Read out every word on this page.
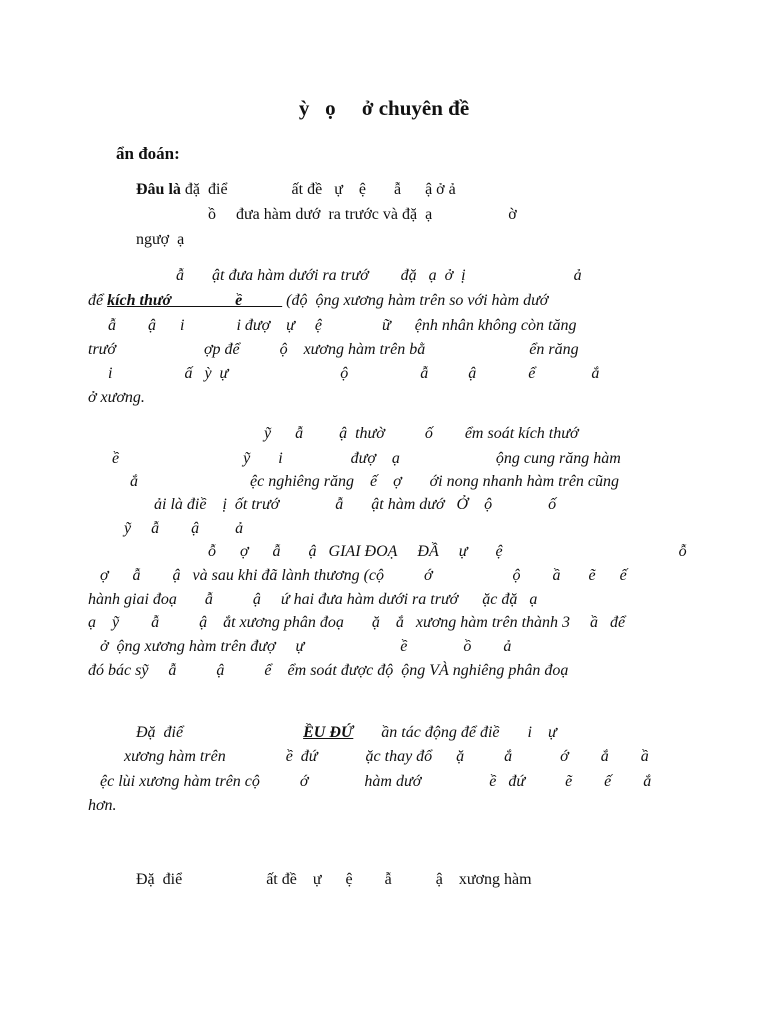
ỳ   ọ     ở chuyên đề
ẩn đoán:
Đâu là đặ  điể                ất đề   ự    ệ       ẫ      ậ ở ả
ồ     đưa hàm dướ  ra trước và đặ  ạ                   ờ
ngượ  ạ
ẫ       ật đưa hàm dưới ra trướ        đặ   ạ  ở  ị                           ả
để kích thướ                ề           (độ  ộng xương hàm trên so với hàm dướ
ẫ        ậ      i             i đượ    ự     ệ               ữ      ệnh nhân không còn tăng
trướ                      ợp để          ộ    xương hàm trên bằ                          ển răng
i                  ấ   ỳ  ự                            ộ                  ẫ          ậ             ể              ắ
ở xương.
ỹ      ẫ         ậ  thườ          ố        ểm soát kích thướ
ề                               ỹ       i                 đượ    ạ                        ộng cung răng hàm
ắ                            ệc nghiêng răng    ế    ợ       ới nong nhanh hàm trên cũng
ải là điề    ị  ốt trướ              ẫ       ật hàm dướ   Ở    ộ              ố
ỹ     ẫ        ậ         ả
ỗ      ợ      ẫ       ậ   GIAI ĐOẠ     ĐẦ     ự       ệ                                            ỗ
ợ      ẫ        ậ   và sau khi đã lành thương (cộ          ớ                    ộ        ầ       ẽ      ế
hành giai đoạ       ẫ          ậ     ứ hai đưa hàm dưới ra trướ      ặc đặ   ạ
ạ    ỹ        ẫ          ậ    ắt xương phân đoạ       ặ    ắ   xương hàm trên thành 3     ầ   để
ở  ộng xương hàm trên đượ     ự                        ề              ồ        ả
đó bác sỹ     ẫ          ậ          ể    ểm soát được độ  ộng VÀ nghiêng phân đoạ
Đặ  điể                              ỀU ĐỨ       ần tác động để điề       i    ự
xương hàm trên               ề  đứ            ặc thay đổ      ặ          ắ            ớ        ắ        ầ
ệc lùi xương hàm trên cộ          ớ              hàm dướ                 ề   đứ          ẽ        ế        ắ
hơn.
Đặ  điể                     ất đề    ự      ệ        ẫ           ậ    xương hàm
